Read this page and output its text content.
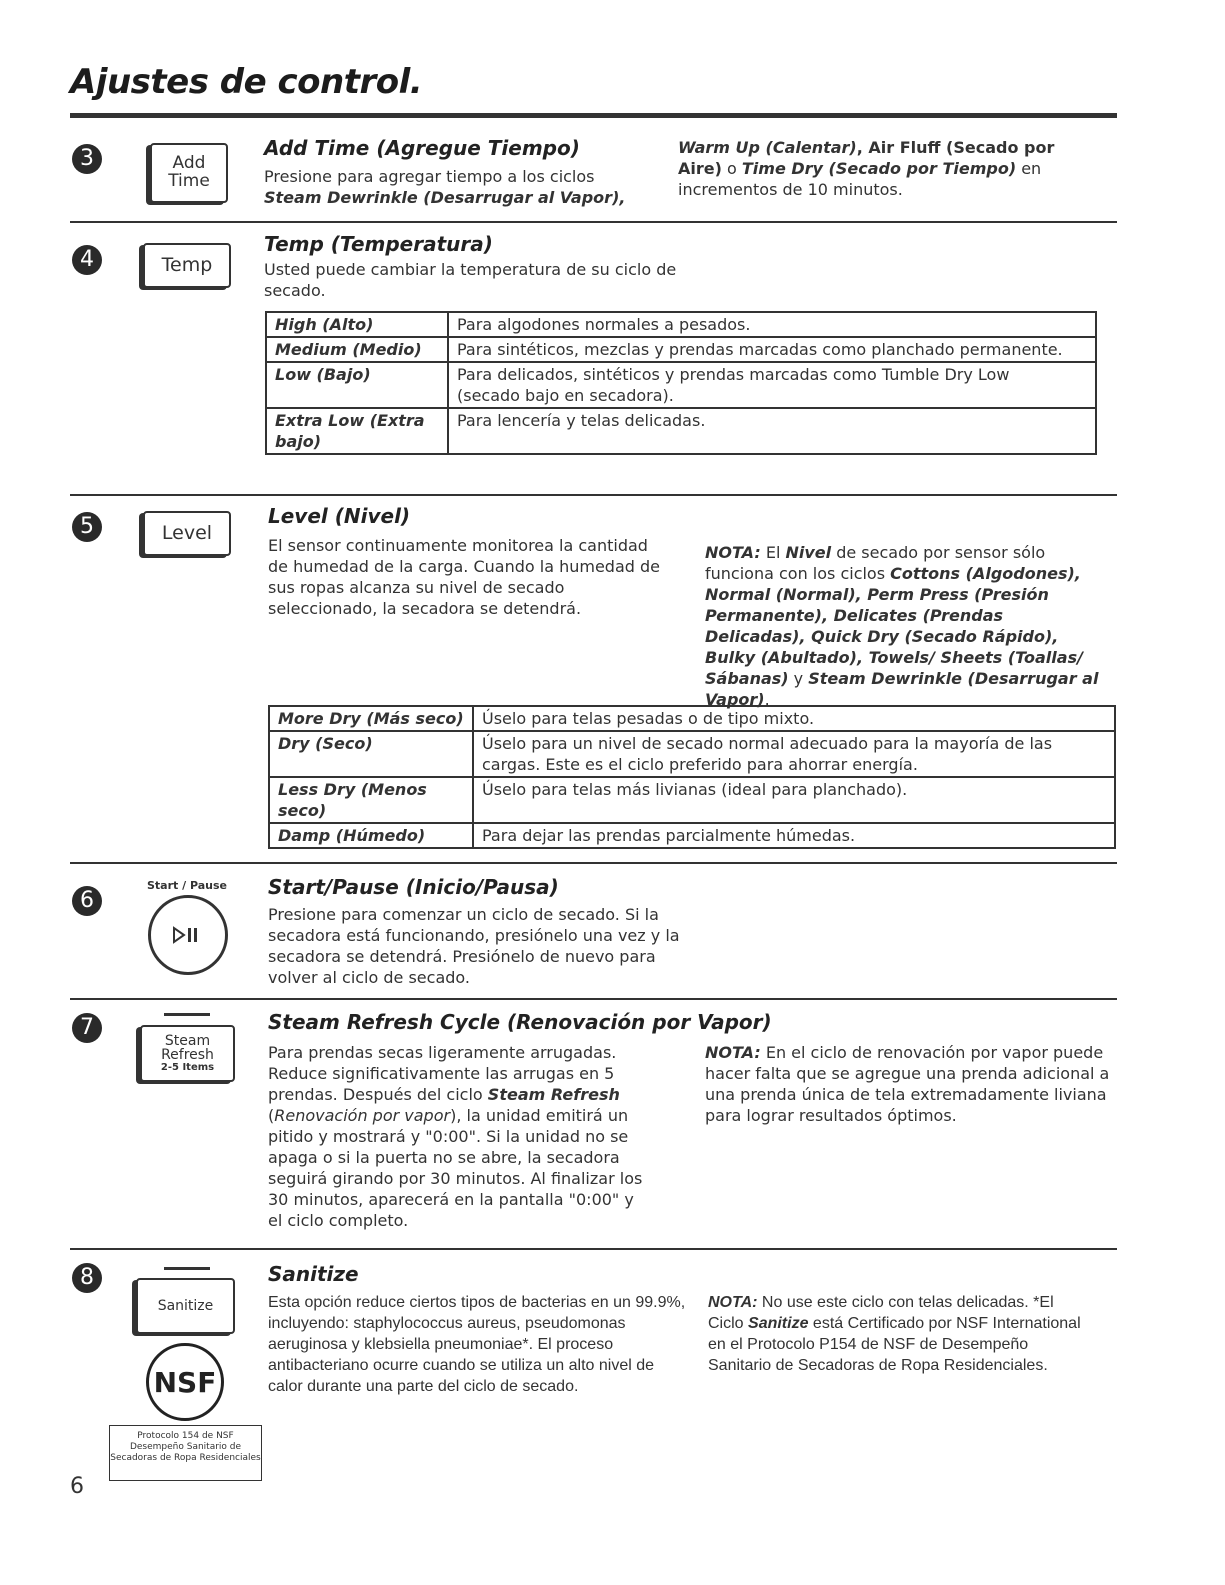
Ajustes de control.
3	Add
Time
Add Time (Agregue Tiempo)
Presione para agregar tiempo a los ciclos
Steam Dewrinkle (Desarrugar al Vapor),
Warm Up (Calentar), Air Fluff (Secado por Aire) o Time Dry (Secado por Tiempo) en incrementos de 10 minutos.
4	Temp
Temp (Temperatura)
Usted puede cambiar la temperatura de su ciclo de secado.
High (Alto)	Para algodones normales a pesados.
Medium (Medio)	Para sintéticos, mezclas y prendas marcadas como planchado permanente.
Low (Bajo)	Para delicados, sintéticos y prendas marcadas como Tumble Dry Low (secado bajo en secadora).
Extra Low (Extra bajo)	Para lencería y telas delicadas.
5	Level
Level (Nivel)
El sensor continuamente monitorea la cantidad de humedad de la carga. Cuando la humedad de sus ropas alcanza su nivel de secado seleccionado, la secadora se detendrá.
NOTA: El Nivel de secado por sensor sólo funciona con los ciclos Cottons (Algodones), Normal (Normal), Perm Press (Presión Permanente), Delicates (Prendas Delicadas), Quick Dry (Secado Rápido), Bulky (Abultado), Towels/ Sheets (Toallas/ Sábanas) y Steam Dewrinkle (Desarrugar al Vapor).
More Dry (Más seco)	Úselo para telas pesadas o de tipo mixto.
Dry (Seco)	Úselo para un nivel de secado normal adecuado para la mayoría de las cargas. Este es el ciclo preferido para ahorrar energía.
Less Dry (Menos seco)	Úselo para telas más livianas (ideal para planchado).
Damp (Húmedo)	Para dejar las prendas parcialmente húmedas.
6
Start / Pause Start/Pause (Inicio/Pausa)
Presione para comenzar un ciclo de secado. Si la secadora está funcionando, presiónelo una vez y la secadora se detendrá. Presiónelo de nuevo para volver al ciclo de secado.
7
Steam
Refresh
2-5 Items
Steam Refresh Cycle (Renovación por Vapor)
Para prendas secas ligeramente arrugadas. Reduce significativamente las arrugas en 5 prendas. Después del ciclo Steam Refresh (Renovación por vapor), la unidad emitirá un pitido y mostrará y "0:00". Si la unidad no se apaga o si la puerta no se abre, la secadora seguirá girando por 30 minutos. Al finalizar los 30 minutos, aparecerá en la pantalla "0:00" y el ciclo completo.
NOTA: En el ciclo de renovación por vapor puede hacer falta que se agregue una prenda adicional a una prenda única de tela extremadamente liviana para lograr resultados óptimos.
8
Sanitize
NSF
Protocolo 154 de NSF Desempeño Sanitario de Secadoras de Ropa Residenciales
Sanitize
Esta opción reduce ciertos tipos de bacterias en un 99.9%, incluyendo: staphylococcus aureus, pseudomonas aeruginosa y klebsiella pneumoniae*. El proceso antibacteriano ocurre cuando se utiliza un alto nivel de calor durante una parte del ciclo de secado.
NOTA: No use este ciclo con telas delicadas. *El Ciclo Sanitize está Certificado por NSF International en el Protocolo P154 de NSF de Desempeño Sanitario de Secadoras de Ropa Residenciales.
6
